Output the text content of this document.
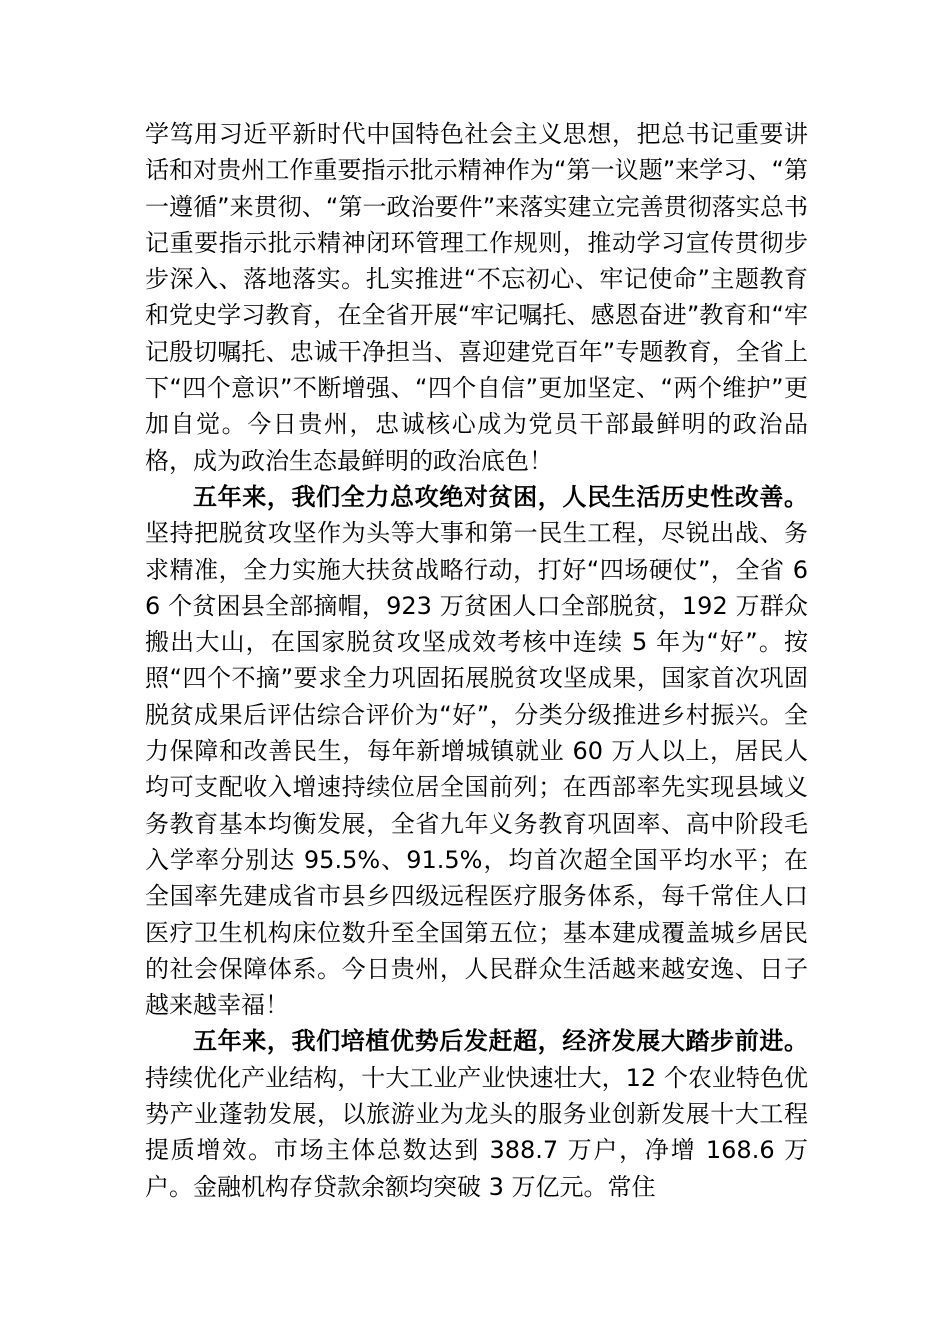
学笃用习近平新时代中国特色社会主义思想，把总书记重要讲话和对贵州工作重要指示批示精神作为“第一议题”来学习、“第一遵循”来贯彻、“第一政治要件”来落实建立完善贯彻落实总书记重要指示批示精神闭环管理工作规则，推动学习宣传贯彻步步深入、落地落实。扎实推进“不忘初心、牢记使命”主题教育和党史学习教育，在全省开展“牢记嘱托、感恩奋进”教育和“牢记殷切嘱托、忠诚干净担当、喜迎建党百年”专题教育，全省上下“四个意识”不断增强、“四个自信”更加坚定、“两个维护”更加自觉。今日贵州，忠诚核心成为党员干部最鲜明的政治品格，成为政治生态最鲜明的政治底色！

五年来，我们全力总攻绝对贫困，人民生活历史性改善。坚持把脱贫攻坚作为头等大事和第一民生工程，尽锐出战、务求精准，全力实施大扶贫战略行动，打好“四场硬仗”，全省 66 个贫困县全部摘帽，923 万贫困人口全部脱贫，192 万群众搬出大山，在国家脱贫攻坚成效考核中连续 5 年为“好”。按照“四个不摘”要求全力巩固拓展脱贫攻坚成果，国家首次巩固脱贫成果后评估综合评价为“好”，分类分级推进乡村振兴。全力保障和改善民生，每年新增城镇就业 60 万人以上，居民人均可支配收入增速持续位居全国前列；在西部率先实现县域义务教育基本均衡发展，全省九年义务教育巩固率、高中阶段毛入学率分别达 95.5%、91.5%，均首次超全国平均水平；在全国率先建成省市县乡四级远程医疗服务体系，每千常住人口医疗卫生机构床位数升至全国第五位；基本建成覆盖城乡居民的社会保障体系。今日贵州，人民群众生活越来越安逸、日子越来越幸福！

五年来，我们培植优势后发赶超，经济发展大踏步前进。持续优化产业结构，十大工业产业快速壮大，12 个农业特色优势产业蓬勃发展，以旅游业为龙头的服务业创新发展十大工程提质增效。市场主体总数达到 388.7 万户，净增 168.6 万户。金融机构存贷款余额均突破 3 万亿元。常住
